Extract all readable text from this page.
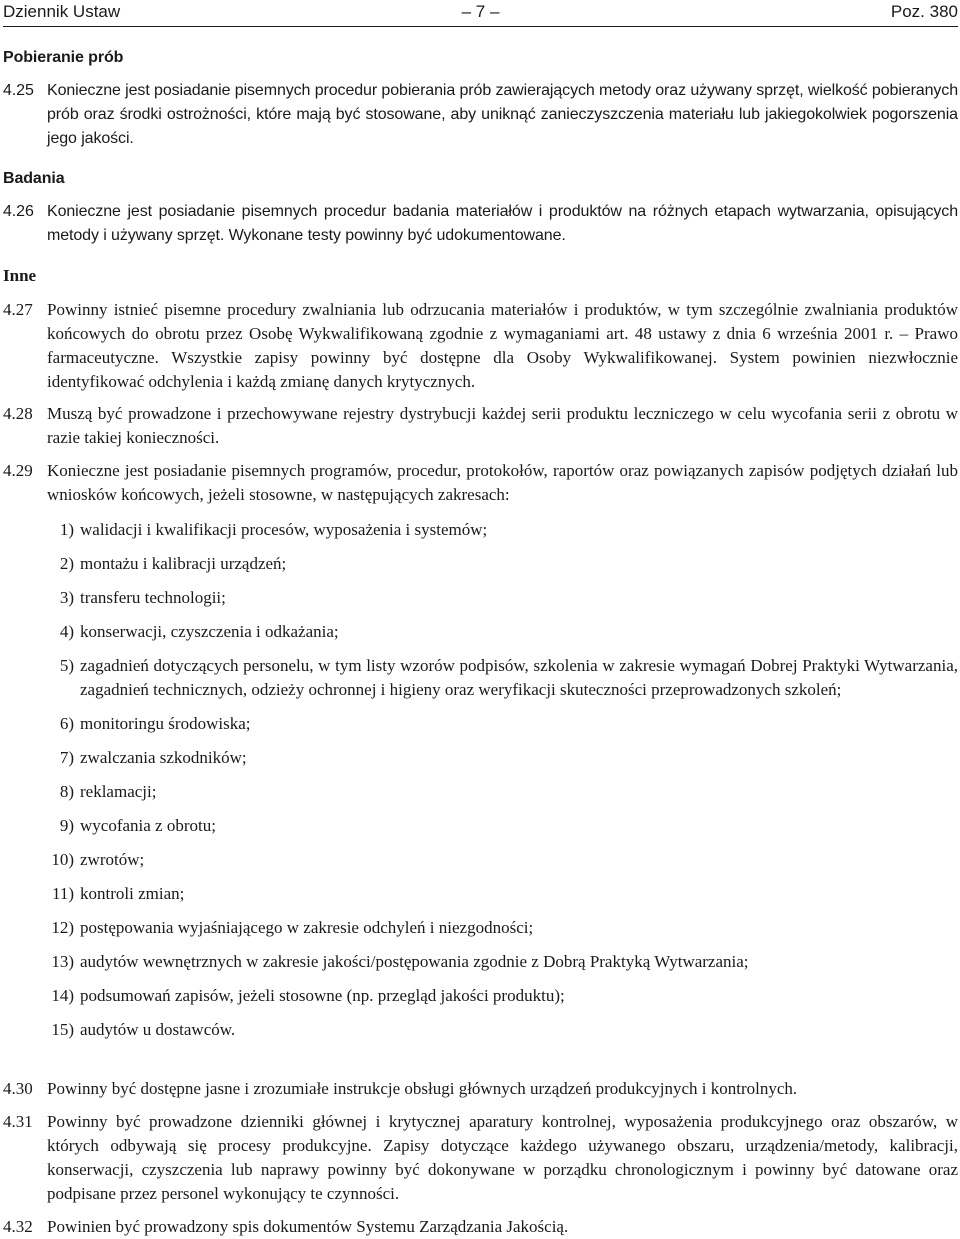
Dziennik Ustaw	– 7 –	Poz. 380
Pobieranie prób
4.25 Konieczne jest posiadanie pisemnych procedur pobierania prób zawierających metody oraz używany sprzęt, wielkość pobieranych prób oraz środki ostrożności, które mają być stosowane, aby uniknąć zanieczyszczenia materiału lub jakiegokolwiek pogorszenia jego jakości.
Badania
4.26 Konieczne jest posiadanie pisemnych procedur badania materiałów i produktów na różnych etapach wytwarzania, opisujących metody i używany sprzęt. Wykonane testy powinny być udokumentowane.
Inne
4.27 Powinny istnieć pisemne procedury zwalniania lub odrzucania materiałów i produktów, w tym szczególnie zwalniania produktów końcowych do obrotu przez Osobę Wykwalifikowaną zgodnie z wymaganiami art. 48 ustawy z dnia 6 września 2001 r. – Prawo farmaceutyczne. Wszystkie zapisy powinny być dostępne dla Osoby Wykwalifikowanej. System powinien niezwłocznie identyfikować odchylenia i każdą zmianę danych krytycznych.
4.28 Muszą być prowadzone i przechowywane rejestry dystrybucji każdej serii produktu leczniczego w celu wycofania serii z obrotu w razie takiej konieczności.
4.29 Konieczne jest posiadanie pisemnych programów, procedur, protokołów, raportów oraz powiązanych zapisów podjętych działań lub wniosków końcowych, jeżeli stosowne, w następujących zakresach:
1) walidacji i kwalifikacji procesów, wyposażenia i systemów;
2) montażu i kalibracji urządzeń;
3) transferu technologii;
4) konserwacji, czyszczenia i odkażania;
5) zagadnień dotyczących personelu, w tym listy wzorów podpisów, szkolenia w zakresie wymagań Dobrej Praktyki Wytwarzania, zagadnień technicznych, odzieży ochronnej i higieny oraz weryfikacji skuteczności przeprowadzonych szkoleń;
6) monitoringu środowiska;
7) zwalczania szkodników;
8) reklamacji;
9) wycofania z obrotu;
10) zwrotów;
11) kontroli zmian;
12) postępowania wyjaśniającego w zakresie odchyleń i niezgodności;
13) audytów wewnętrznych w zakresie jakości/postępowania zgodnie z Dobrą Praktyką Wytwarzania;
14) podsumowań zapisów, jeżeli stosowne (np. przegląd jakości produktu);
15) audytów u dostawców.
4.30 Powinny być dostępne jasne i zrozumiałe instrukcje obsługi głównych urządzeń produkcyjnych i kontrolnych.
4.31 Powinny być prowadzone dzienniki głównej i krytycznej aparatury kontrolnej, wyposażenia produkcyjnego oraz obszarów, w których odbywają się procesy produkcyjne. Zapisy dotyczące każdego używanego obszaru, urządzenia/metody, kalibracji, konserwacji, czyszczenia lub naprawy powinny być dokonywane w porządku chronologicznym i powinny być datowane oraz podpisane przez personel wykonujący te czynności.
4.32 Powinien być prowadzony spis dokumentów Systemu Zarządzania Jakością.
